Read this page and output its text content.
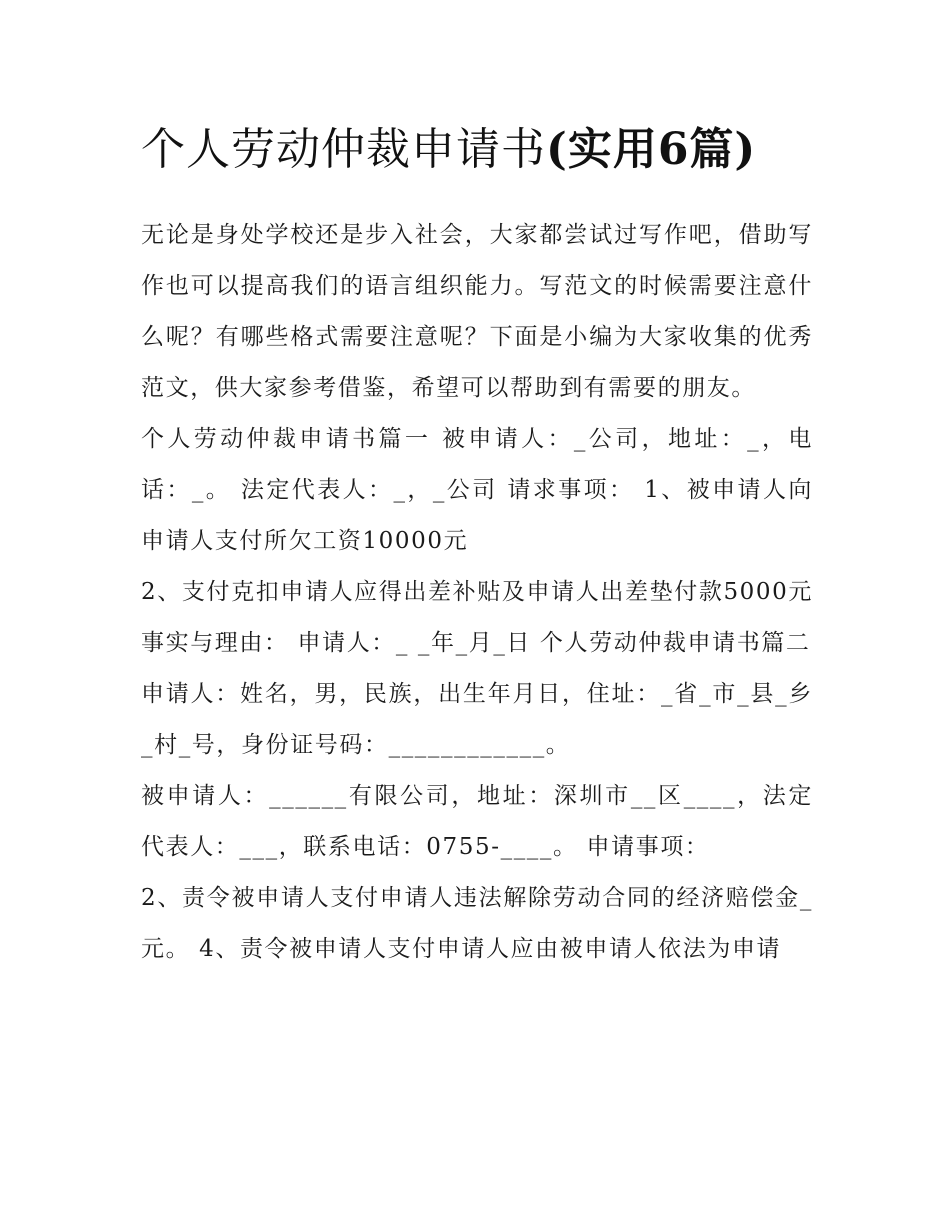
个人劳动仲裁申请书(实用6篇)

无论是身处学校还是步入社会，大家都尝试过写作吧，借助写作也可以提高我们的语言组织能力。写范文的时候需要注意什么呢？有哪些格式需要注意呢？下面是小编为大家收集的优秀范文，供大家参考借鉴，希望可以帮助到有需要的朋友。

个人劳动仲裁申请书篇一 被申请人：_公司，地址：_，电话：_。 法定代表人：_，_公司 请求事项： 1、被申请人向申请人支付所欠工资10000元

2、支付克扣申请人应得出差补贴及申请人出差垫付款5000元 事实与理由： 申请人：_ _年_月_日 个人劳动仲裁申请书篇二

申请人：姓名，男，民族，出生年月日，住址：_省_市_县_乡_村_号，身份证号码：____________。

被申请人：______有限公司，地址：深圳市__区____，法定代表人：___，联系电话：0755-____。 申请事项：

2、责令被申请人支付申请人违法解除劳动合同的经济赔偿金_元。 4、责令被申请人支付申请人应由被申请人依法为申请
